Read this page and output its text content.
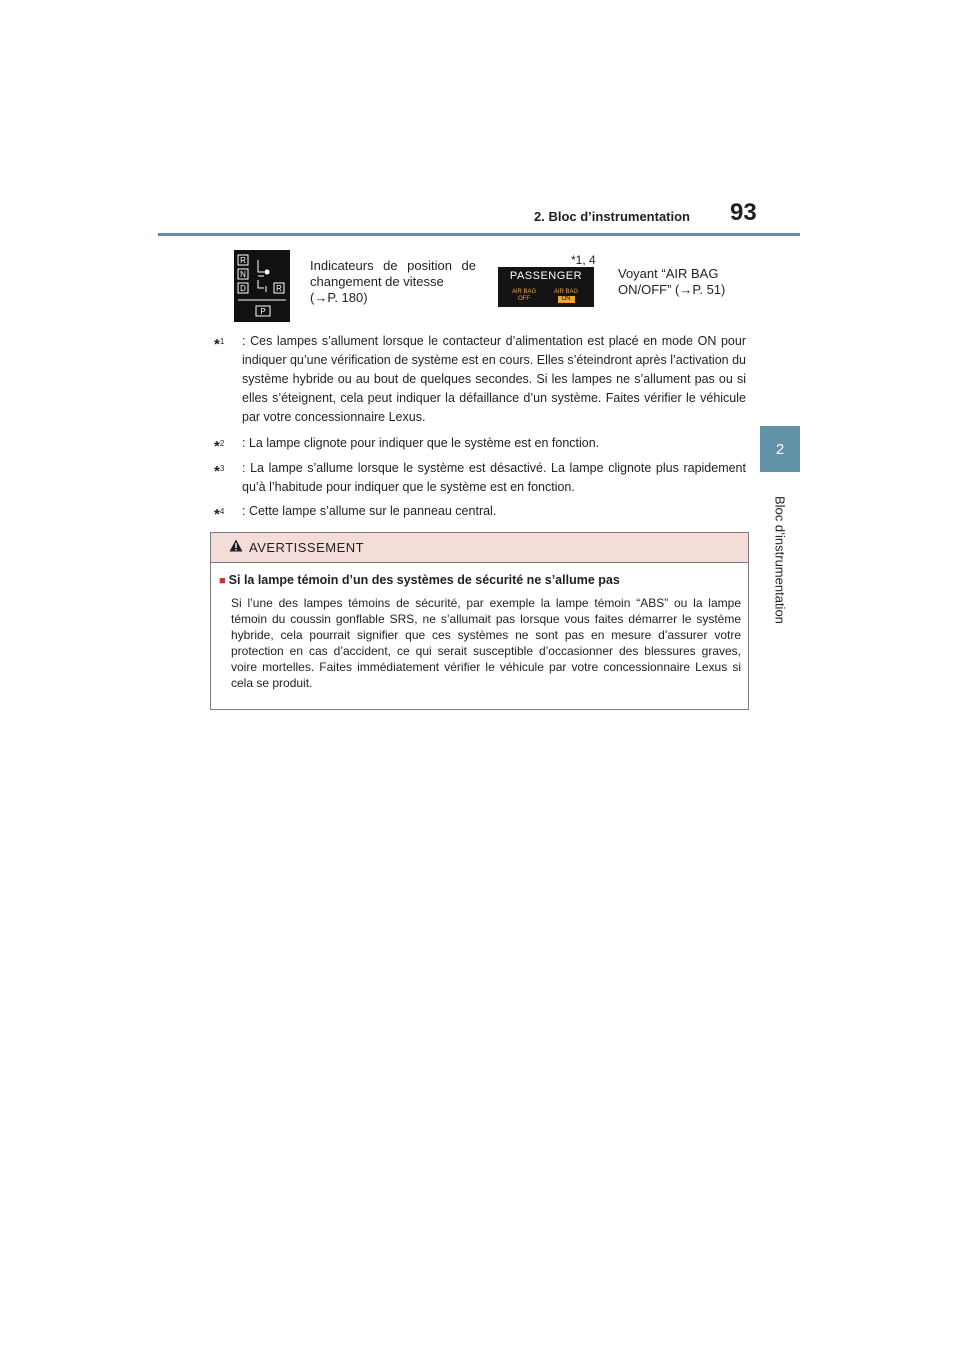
2. Bloc d’instrumentation 93
2
Bloc d’instrumentation
R
N
D	R
P
Indicateurs de position de
changement de vitesse
(→P. 180)
*1, 4
PASSENGER
AIR BAG
OFF
AIR BAG
ON
Voyant “AIR BAG
ON/OFF” (→P. 51)
*$^1$	: Ces lampes s’allument lorsque le contacteur d’alimentation est placé en mode ON pour indiquer qu’une vérification de système est en cours. Elles s’éteindront après l’activation du système hybride ou au bout de quelques secondes. Si les lampes ne s’allument pas ou si elles s’éteignent, cela peut indiquer la défaillance d’un système. Faites vérifier le véhicule par votre concessionnaire Lexus.
*$^2$	: La lampe clignote pour indiquer que le système est en fonction.
*$^3$	: La lampe s’allume lorsque le système est désactivé. La lampe clignote plus rapidement qu’à l’habitude pour indiquer que le système est en fonction.
*$^4$	: Cette lampe s’allume sur le panneau central.
AVERTISSEMENT
■ Si la lampe témoin d’un des systèmes de sécurité ne s’allume pas
Si l’une des lampes témoins de sécurité, par exemple la lampe témoin “ABS” ou la lampe témoin du coussin gonflable SRS, ne s’allumait pas lorsque vous faites démarrer le système hybride, cela pourrait signifier que ces systèmes ne sont pas en mesure d’assurer votre protection en cas d’accident, ce qui serait susceptible d’occasionner des blessures graves, voire mortelles. Faites immédiatement vérifier le véhicule par votre concessionnaire Lexus si cela se produit.
